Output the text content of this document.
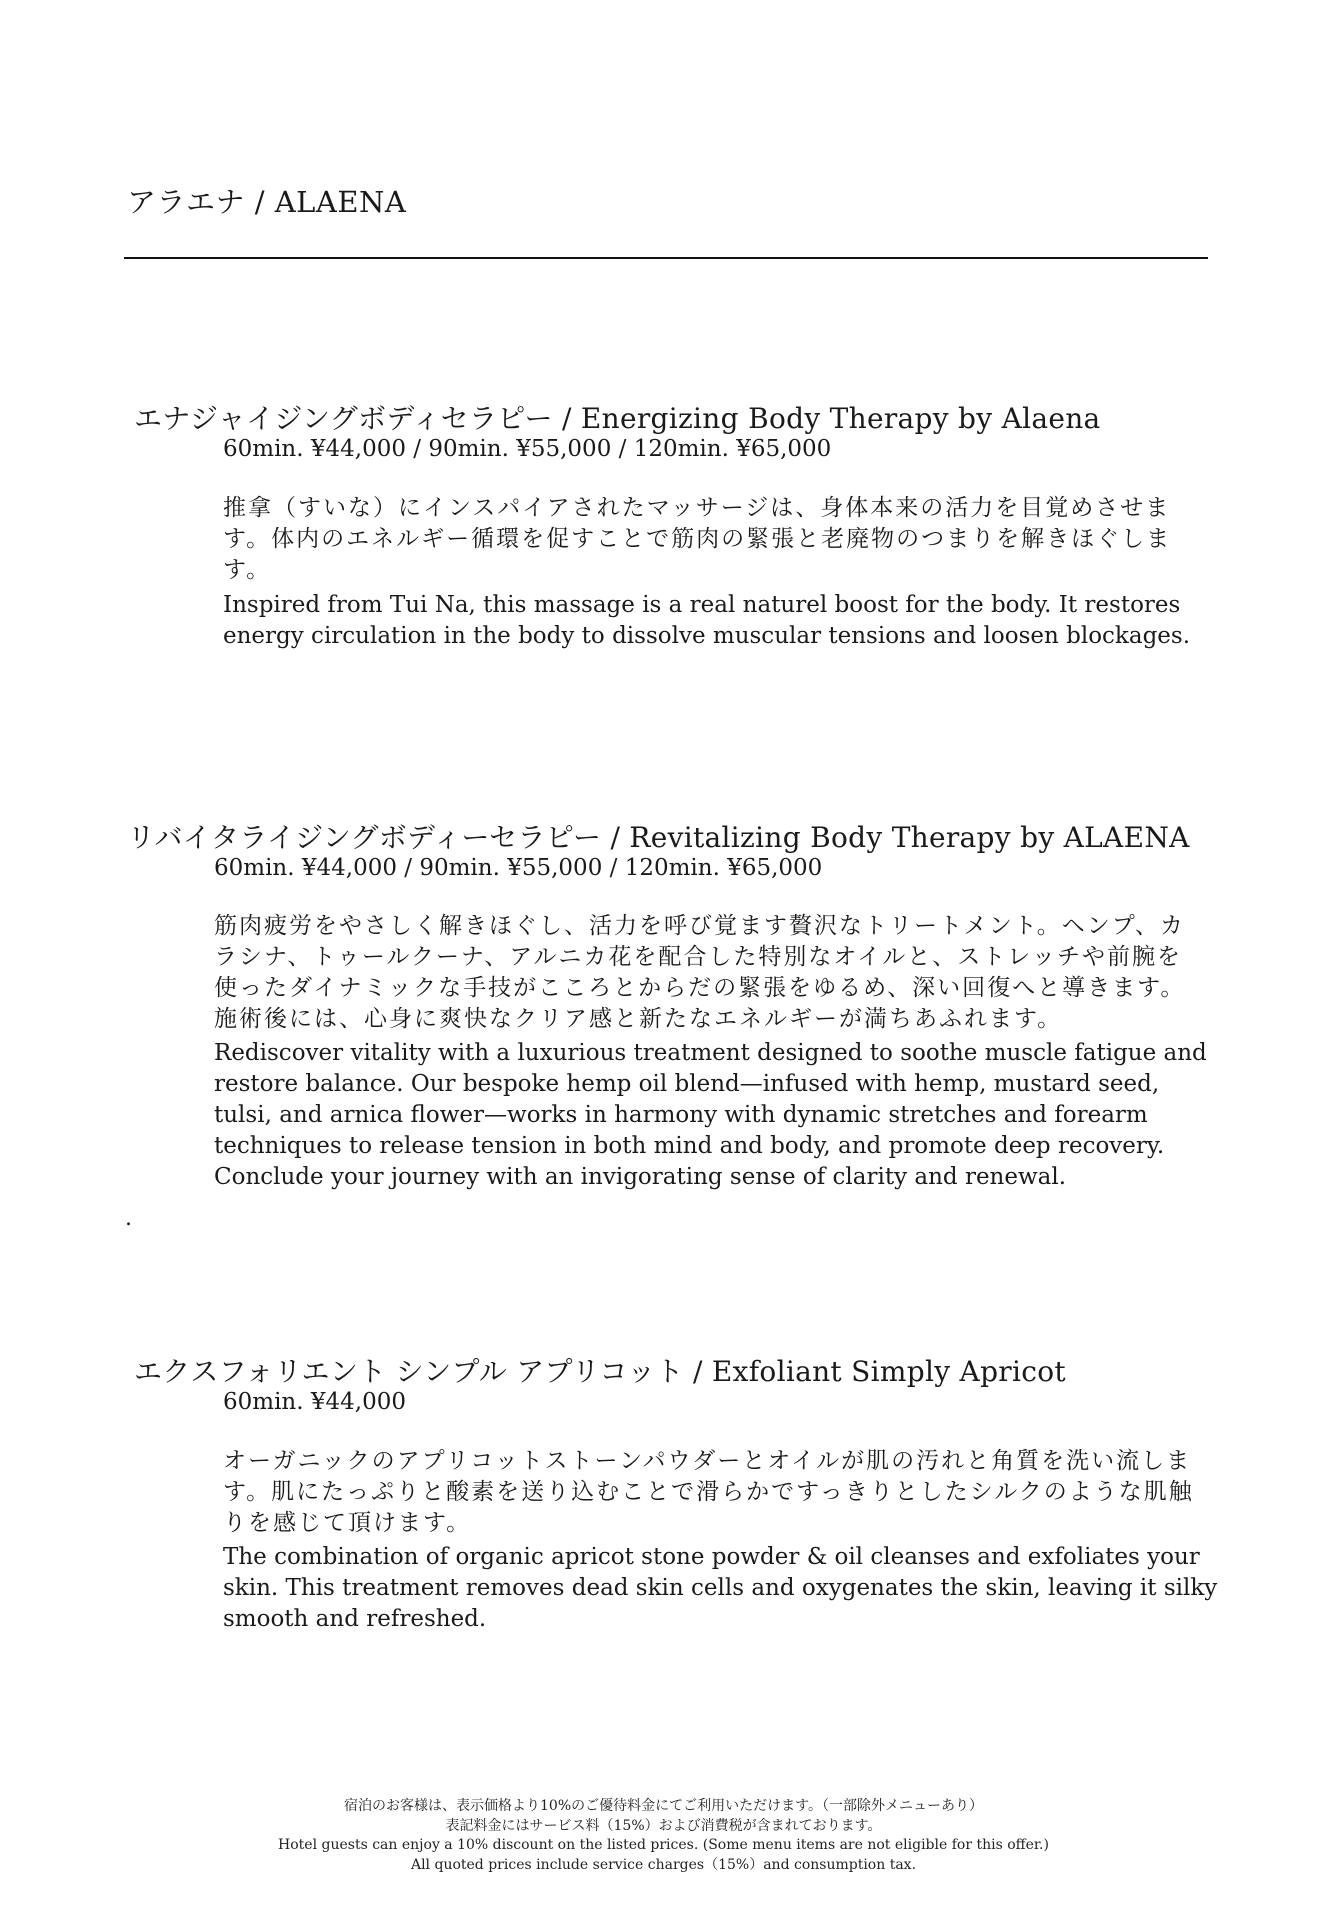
アラエナ / ALAENA
エナジャイジングボディセラピー / Energizing Body Therapy by Alaena
60min. ¥44,000 / 90min. ¥55,000 / 120min. ¥65,000
推拿（すいな）にインスパイアされたマッサージは、身体本来の活力を目覚めさせます。体内のエネルギー循環を促すことで筋肉の緊張と老廃物のつまりを解きほぐします。
Inspired from Tui Na, this massage is a real naturel boost for the body. It restores energy circulation in the body to dissolve muscular tensions and loosen blockages.
リバイタライジングボディーセラピー / Revitalizing Body Therapy by ALAENA
60min. ¥44,000 / 90min. ¥55,000 / 120min. ¥65,000
筋肉疲労をやさしく解きほぐし、活力を呼び覚ます贅沢なトリートメント。ヘンプ、カラシナ、トゥールクーナ、アルニカ花を配合した特別なオイルと、ストレッチや前腕を使ったダイナミックな手技がこころとからだの緊張をゆるめ、深い回復へと導きます。施術後には、心身に爽快なクリア感と新たなエネルギーが満ちあふれます。
Rediscover vitality with a luxurious treatment designed to soothe muscle fatigue and restore balance. Our bespoke hemp oil blend—infused with hemp, mustard seed, tulsi, and arnica flower—works in harmony with dynamic stretches and forearm techniques to release tension in both mind and body, and promote deep recovery. Conclude your journey with an invigorating sense of clarity and renewal.
.
エクスフォリエント シンプル アプリコット / Exfoliant Simply Apricot
60min. ¥44,000
オーガニックのアプリコットストーンパウダーとオイルが肌の汚れと角質を洗い流します。肌にたっぷりと酸素を送り込むことで滑らかですっきりとしたシルクのような肌触りを感じて頂けます。
The combination of organic apricot stone powder & oil cleanses and exfoliates your skin. This treatment removes dead skin cells and oxygenates the skin, leaving it silky smooth and refreshed.
宿泊のお客様は、表示価格より10%のご優待料金にてご利用いただけます。（一部除外メニューあり）
表記料金にはサービス料（15%）および消費税が含まれております。
Hotel guests can enjoy a 10% discount on the listed prices. (Some menu items are not eligible for this offer.)
All quoted prices include service charges（15%）and consumption tax.
